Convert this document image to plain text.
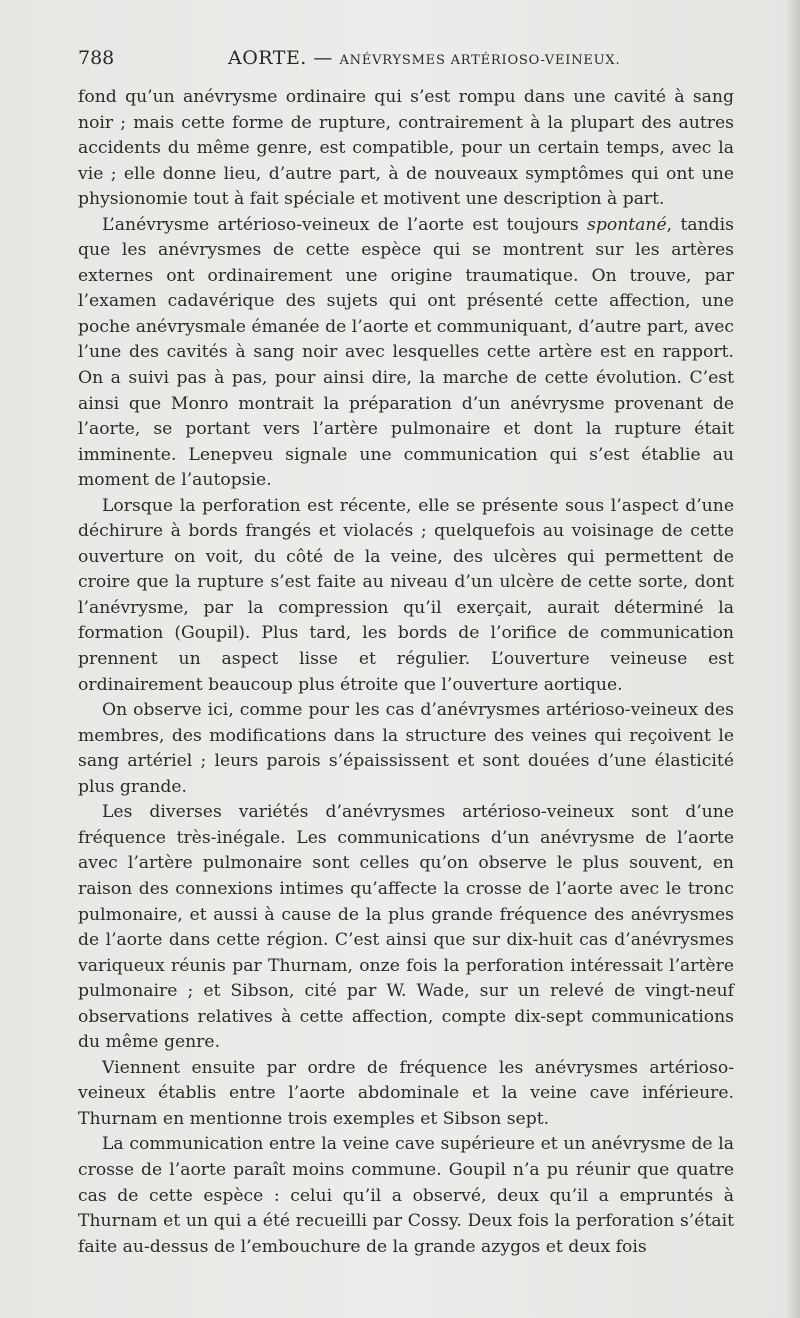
788	AORTE. — ANÉVRYSMES ARTÉRIOSO-VEINEUX.

fond qu’un anévrysme ordinaire qui s’est rompu dans une cavité à sang noir ; mais cette forme de rupture, contrairement à la plupart des autres accidents du même genre, est compatible, pour un certain temps, avec la vie ; elle donne lieu, d’autre part, à de nouveaux symptômes qui ont une physionomie tout à fait spéciale et motivent une description à part.

L’anévrysme artérioso-veineux de l’aorte est toujours spontané, tandis que les anévrysmes de cette espèce qui se montrent sur les artères externes ont ordinairement une origine traumatique. On trouve, par l’examen cadavérique des sujets qui ont présenté cette affection, une poche anévrysmale émanée de l’aorte et communiquant, d’autre part, avec l’une des cavités à sang noir avec lesquelles cette artère est en rapport. On a suivi pas à pas, pour ainsi dire, la marche de cette évolution. C’est ainsi que Monro montrait la préparation d’un anévrysme provenant de l’aorte, se portant vers l’artère pulmonaire et dont la rupture était imminente. Lenepveu signale une communication qui s’est établie au moment de l’autopsie.

Lorsque la perforation est récente, elle se présente sous l’aspect d’une déchirure à bords frangés et violacés ; quelquefois au voisinage de cette ouverture on voit, du côté de la veine, des ulcères qui permettent de croire que la rupture s’est faite au niveau d’un ulcère de cette sorte, dont l’anévrysme, par la compression qu’il exerçait, aurait déterminé la formation (Goupil). Plus tard, les bords de l’orifice de communication prennent un aspect lisse et régulier. L’ouverture veineuse est ordinairement beaucoup plus étroite que l’ouverture aortique.

On observe ici, comme pour les cas d’anévrysmes artérioso-veineux des membres, des modifications dans la structure des veines qui reçoivent le sang artériel ; leurs parois s’épaississent et sont douées d’une élasticité plus grande.

Les diverses variétés d’anévrysmes artérioso-veineux sont d’une fréquence très-inégale. Les communications d’un anévrysme de l’aorte avec l’artère pulmonaire sont celles qu’on observe le plus souvent, en raison des connexions intimes qu’affecte la crosse de l’aorte avec le tronc pulmonaire, et aussi à cause de la plus grande fréquence des anévrysmes de l’aorte dans cette région. C’est ainsi que sur dix-huit cas d’anévrysmes variqueux réunis par Thurnam, onze fois la perforation intéressait l’artère pulmonaire ; et Sibson, cité par W. Wade, sur un relevé de vingt-neuf observations relatives à cette affection, compte dix-sept communications du même genre.

Viennent ensuite par ordre de fréquence les anévrysmes artérioso-veineux établis entre l’aorte abdominale et la veine cave inférieure. Thurnam en mentionne trois exemples et Sibson sept.

La communication entre la veine cave supérieure et un anévrysme de la crosse de l’aorte paraît moins commune. Goupil n’a pu réunir que quatre cas de cette espèce : celui qu’il a observé, deux qu’il a empruntés à Thurnam et un qui a été recueilli par Cossy. Deux fois la perforation s’était faite au-dessus de l’embouchure de la grande azygos et deux fois
